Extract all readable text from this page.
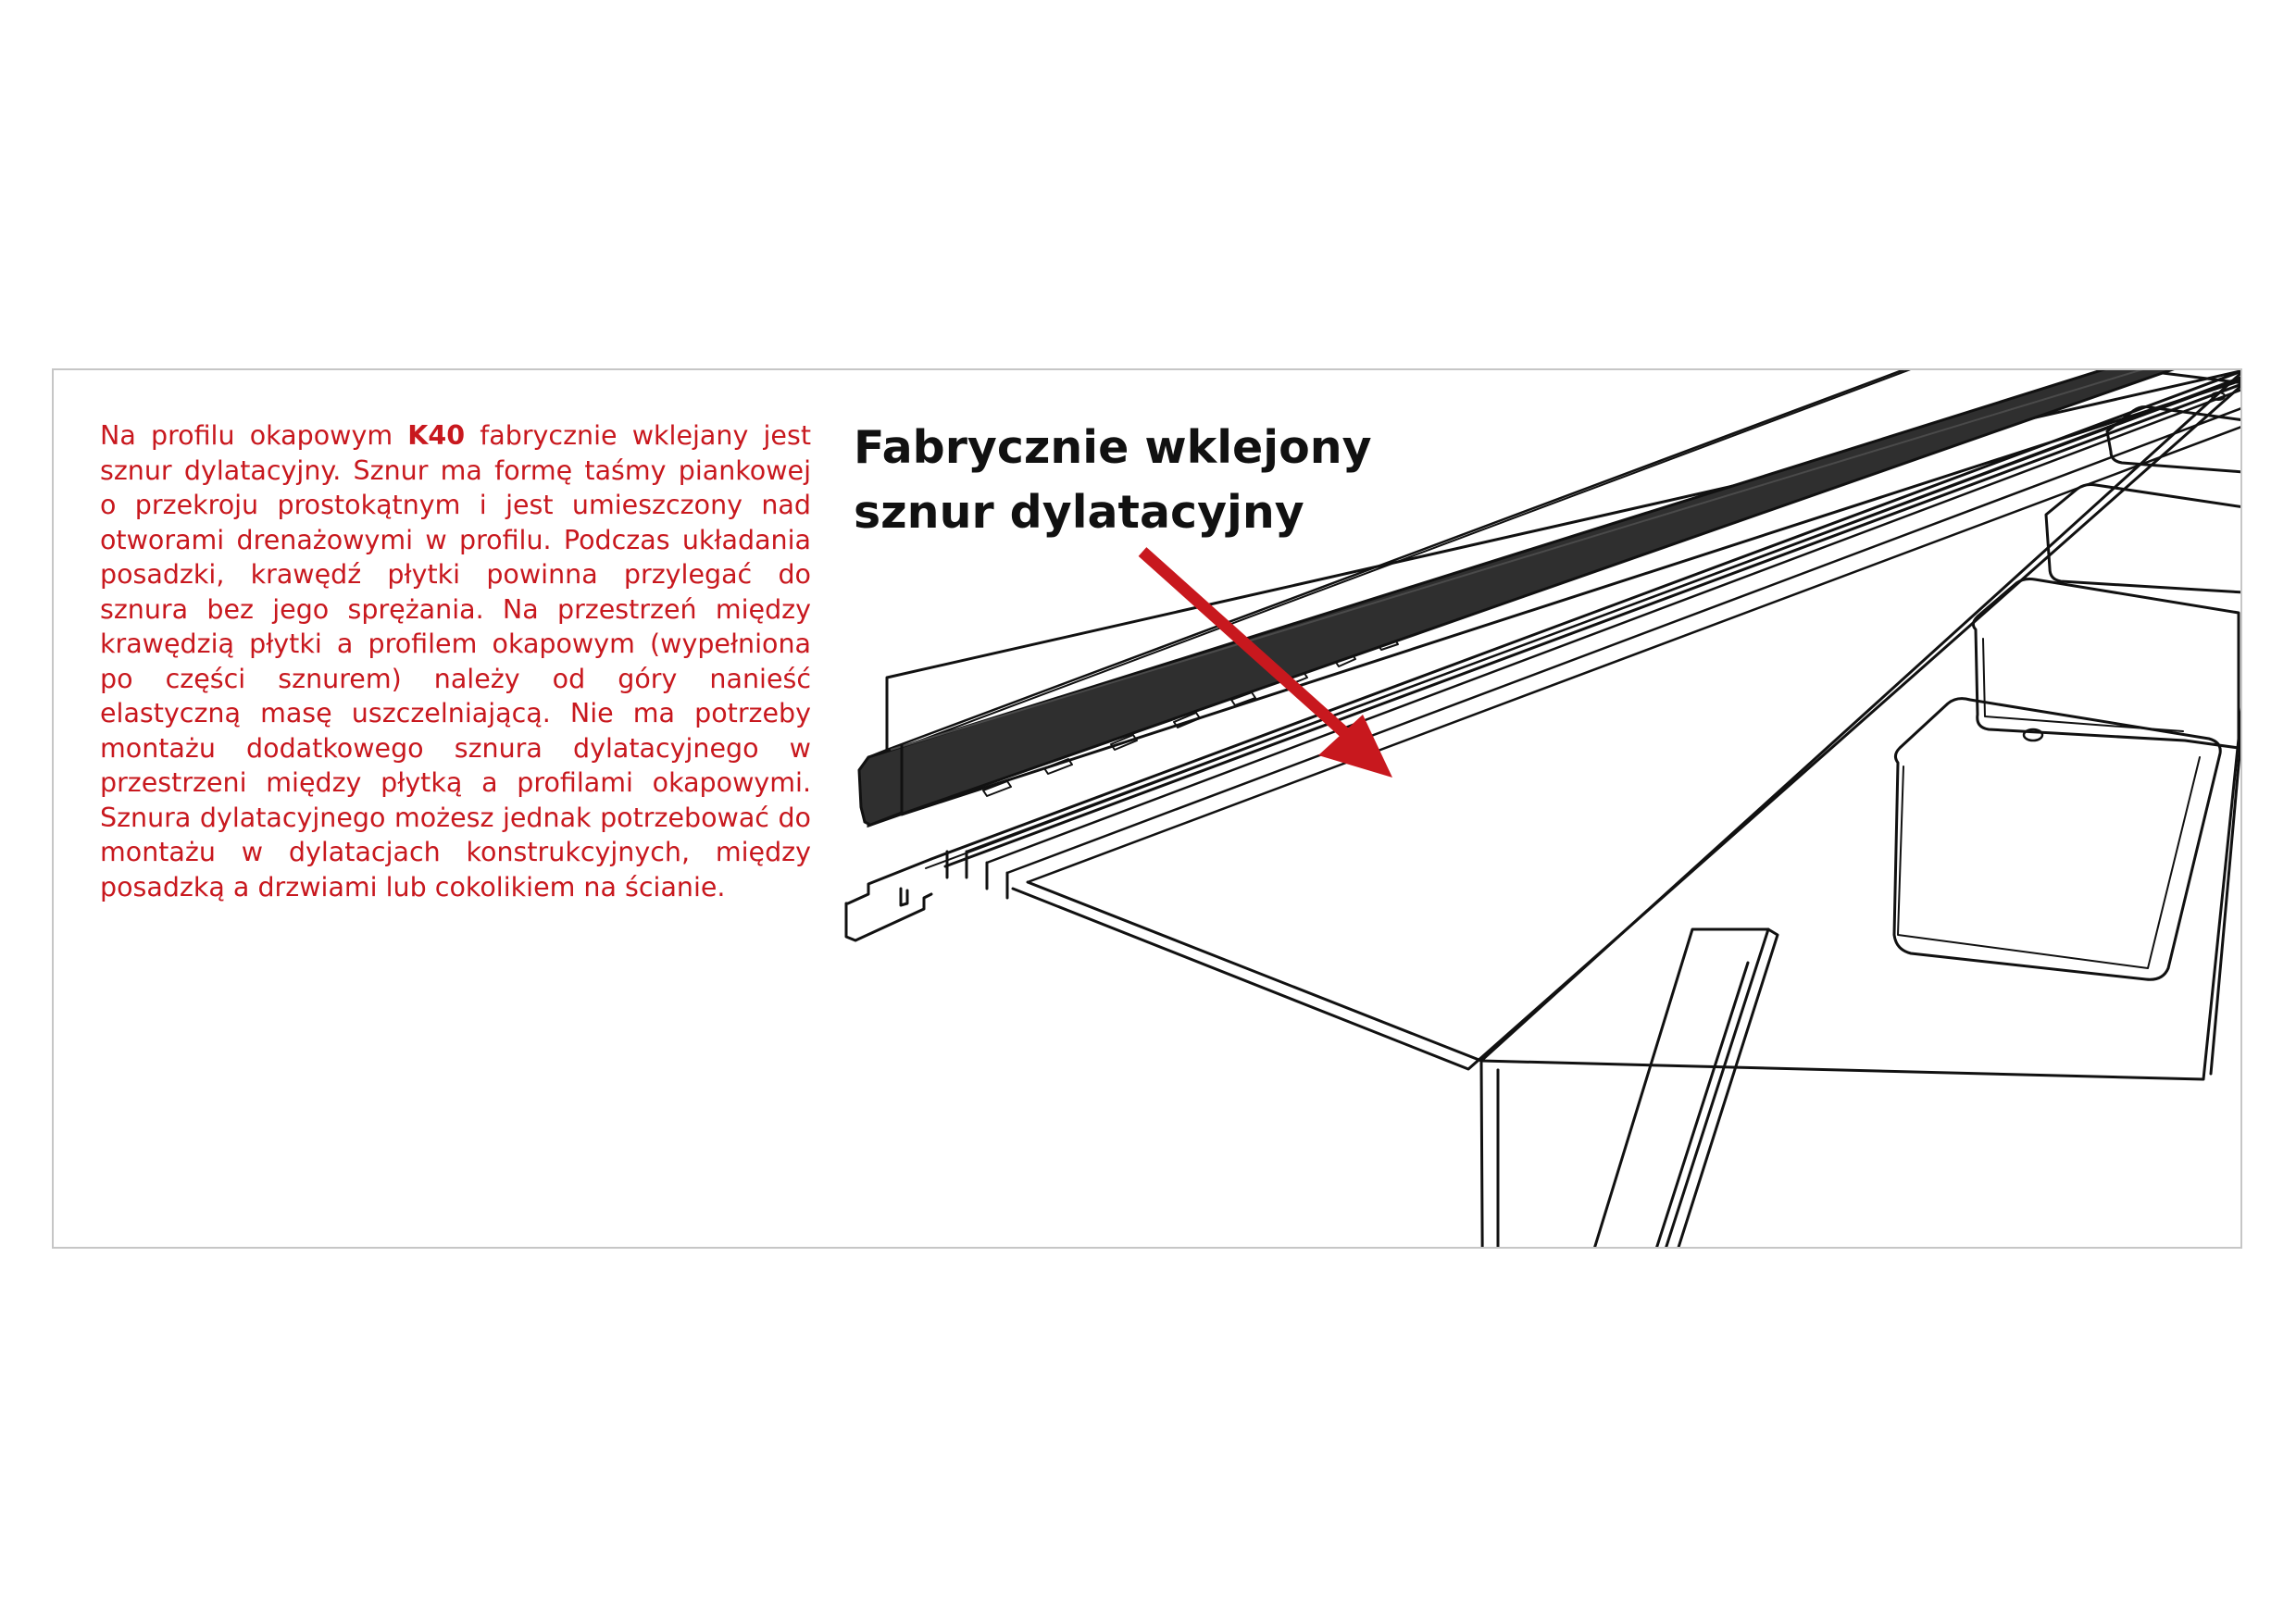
Na profilu okapowym K40 fabrycznie wklejany jest sznur dylatacyjny. Sznur ma formę taśmy piankowej o przekroju prostokątnym i jest umieszczony nad otworami drenażowymi w profilu. Podczas układania posadzki, krawędź płytki powinna przylegać do sznura bez jego sprężania. Na przestrzeń między krawędzią płytki a profilem okapowym (wypełniona po części sznurem) należy od góry nanieść elastyczną masę uszczelniającą. Nie ma potrzeby montażu dodatkowego sznura dylatacyjnego w przestrzeni między płytką a profilami okapowymi. Sznura dylatacyjnego możesz jednak potrzebować do montażu w dylatacjach konstrukcyjnych, między posadzką a drzwiami lub cokolikiem na ścianie.

Fabrycznie wklejony
sznur dylatacyjny
